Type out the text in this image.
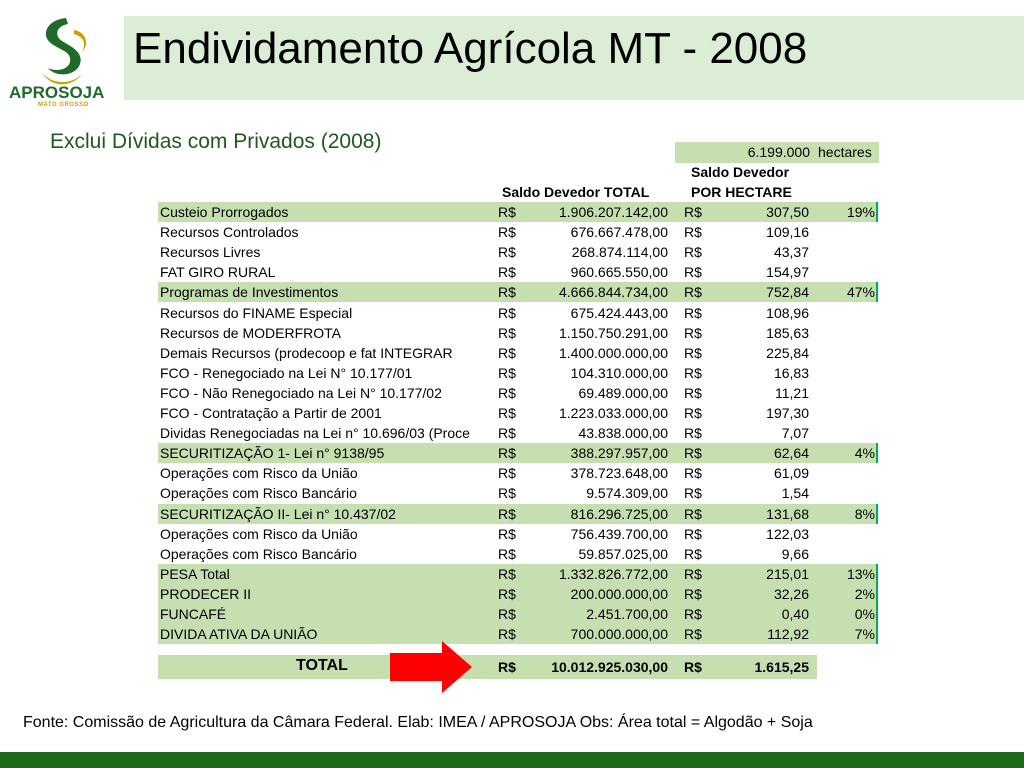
APROSOJA
MATO GROSSO
Endividamento Agrícola MT - 2008
Exclui Dívidas com Privados (2008)	6.199.000 hectares
Saldo Devedor
POR HECTARE
Saldo Devedor TOTAL
Custeio Prorrogados	R$	1.906.207.142,00 R$	307,50	19%
Recursos Controlados	R$	676.667.478,00 R$	109,16
Recursos Livres	R$	268.874.114,00 R$	43,37
FAT GIRO RURAL	R$	960.665.550,00 R$	154,97
Programas de Investimentos	R$	4.666.844.734,00 R$	752,84	47%
Recursos do FINAME Especial	R$	675.424.443,00 R$	108,96
Recursos de MODERFROTA	R$	1.150.750.291,00 R$	185,63
Demais Recursos (prodecoop e fat INTEGRAR	R$	1.400.000.000,00 R$	225,84
FCO - Renegociado na Lei N° 10.177/01	R$	104.310.000,00 R$	16,83
FCO - Não Renegociado na Lei N° 10.177/02	R$	69.489.000,00 R$	11,21
FCO - Contratação a Partir de 2001	R$	1.223.033.000,00 R$	197,30
Dividas Renegociadas na Lei n° 10.696/03 (Proce	R$	43.838.000,00 R$	7,07
SECURITIZAÇÃO 1- Lei n° 9138/95	R$	388.297.957,00 R$	62,64	4%
Operações com Risco da União	R$	378.723.648,00 R$	61,09
Operações com Risco Bancário	R$	9.574.309,00 R$	1,54
SECURITIZAÇÃO II- Lei n° 10.437/02	R$	816.296.725,00 R$	131,68	8%
Operações com Risco da União	R$	756.439.700,00 R$	122,03
Operações com Risco Bancário	R$	59.857.025,00 R$	9,66
PESA Total	R$	1.332.826.772,00 R$	215,01	13%
PRODECER II	R$	200.000.000,00 R$	32,26	2%
FUNCAFÉ	R$	2.451.700,00 R$	0,40	0%
DIVIDA ATIVA DA UNIÃO	R$	700.000.000,00 R$	112,92	7%
TOTAL	R$	10.012.925.030,00 R$	1.615,25
Fonte: Comissão de Agricultura da Câmara Federal. Elab: IMEA / APROSOJA Obs: Área total = Algodão + Soja
